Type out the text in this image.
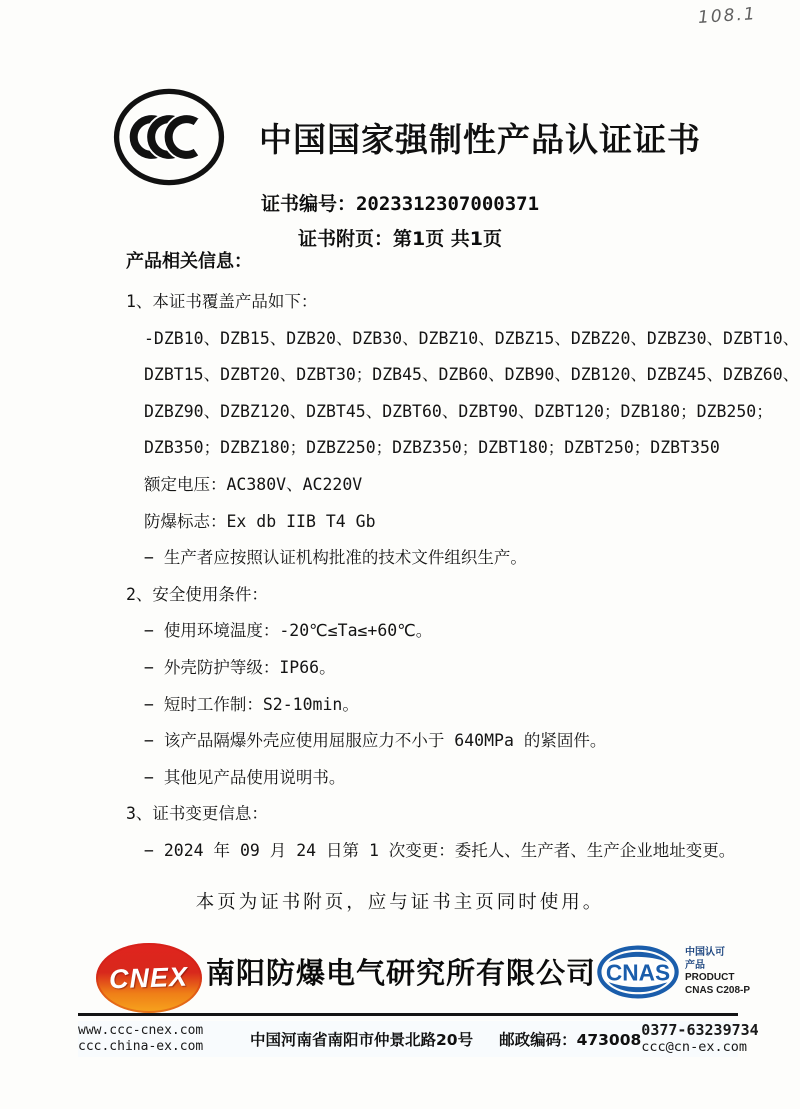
108.1
中国国家强制性产品认证证书
证书编号：2023312307000371
证书附页：第1页 共1页
产品相关信息：
1、本证书覆盖产品如下：
-DZB10、DZB15、DZB20、DZB30、DZBZ10、DZBZ15、DZBZ20、DZBZ30、DZBT10、
DZBT15、DZBT20、DZBT30；DZB45、DZB60、DZB90、DZB120、DZBZ45、DZBZ60、
DZBZ90、DZBZ120、DZBT45、DZBT60、DZBT90、DZBT120；DZB180；DZB250；
DZB350；DZBZ180；DZBZ250；DZBZ350；DZBT180；DZBT250；DZBT350
额定电压：AC380V、AC220V
防爆标志：Ex db IIB T4 Gb
− 生产者应按照认证机构批准的技术文件组织生产。
2、安全使用条件：
− 使用环境温度：-20℃≤Ta≤+60℃。
− 外壳防护等级：IP66。
− 短时工作制：S2-10min。
− 该产品隔爆外壳应使用屈服应力不小于 640MPa 的紧固件。
− 其他见产品使用说明书。
3、证书变更信息：
− 2024 年 09 月 24 日第 1 次变更：委托人、生产者、生产企业地址变更。
本页为证书附页，应与证书主页同时使用。
CNEX 南阳防爆电气研究所有限公司 CNAS
中国认可
产品
PRODUCT
CNAS C208-P
www.ccc-cnex.com
ccc.china-ex.com	中国河南省南阳市仲景北路20号 邮政编码：473008
0377-63239734
ccc@cn-ex.com
